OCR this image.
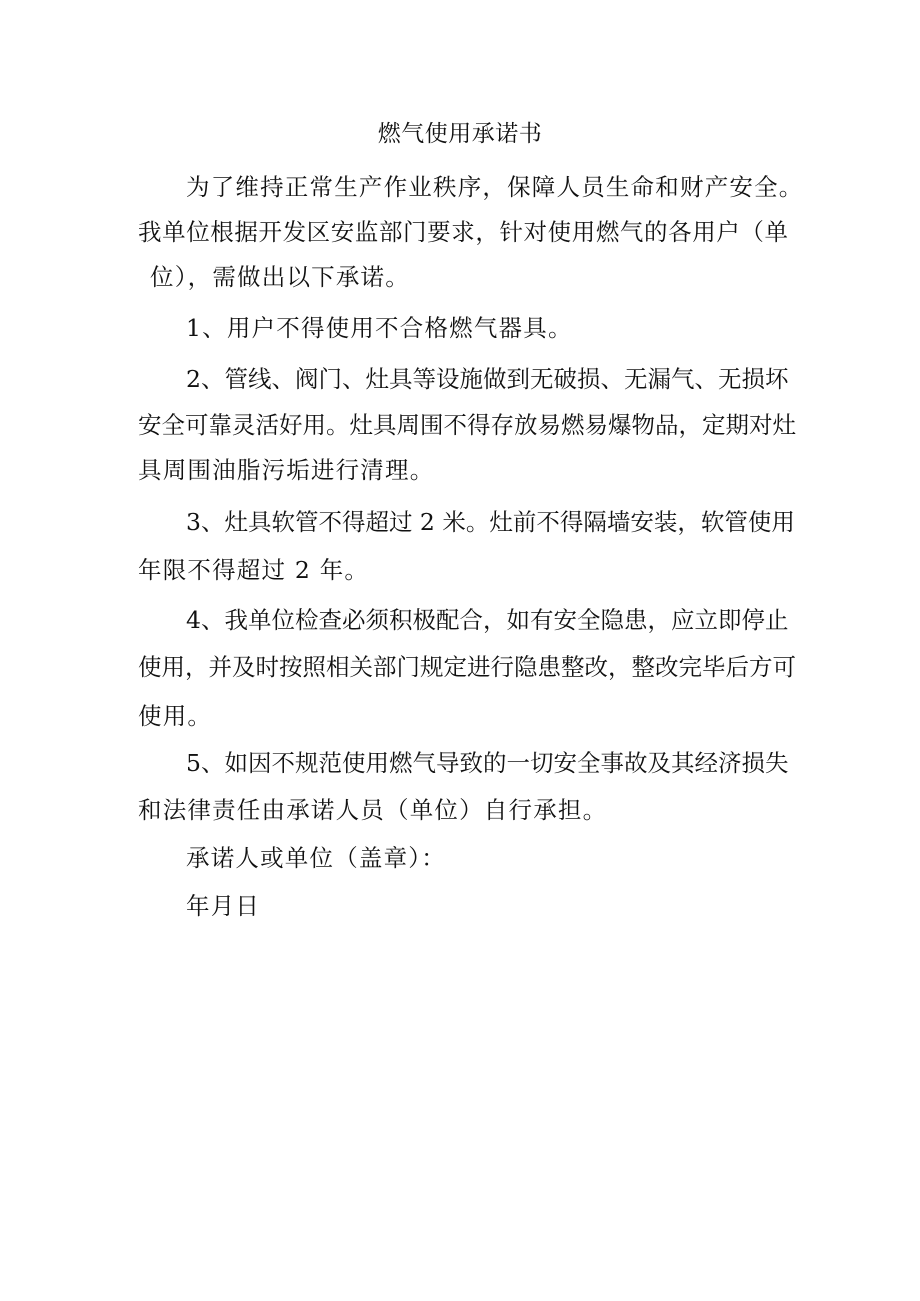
燃气使用承诺书
为了维持正常生产作业秩序，保障人员生命和财产安全。
我单位根据开发区安监部门要求，针对使用燃气的各用户（单
位），需做出以下承诺。
1、用户不得使用不合格燃气器具。
2、管线、阀门、灶具等设施做到无破损、无漏气、无损坏
安全可靠灵活好用。灶具周围不得存放易燃易爆物品，定期对灶
具周围油脂污垢进行清理。
3、灶具软管不得超过 2 米。灶前不得隔墙安装，软管使用
年限不得超过 2 年。
4、我单位检查必须积极配合，如有安全隐患，应立即停止
使用，并及时按照相关部门规定进行隐患整改，整改完毕后方可
使用。
5、如因不规范使用燃气导致的一切安全事故及其经济损失
和法律责任由承诺人员（单位）自行承担。
承诺人或单位（盖章）：
年月日
